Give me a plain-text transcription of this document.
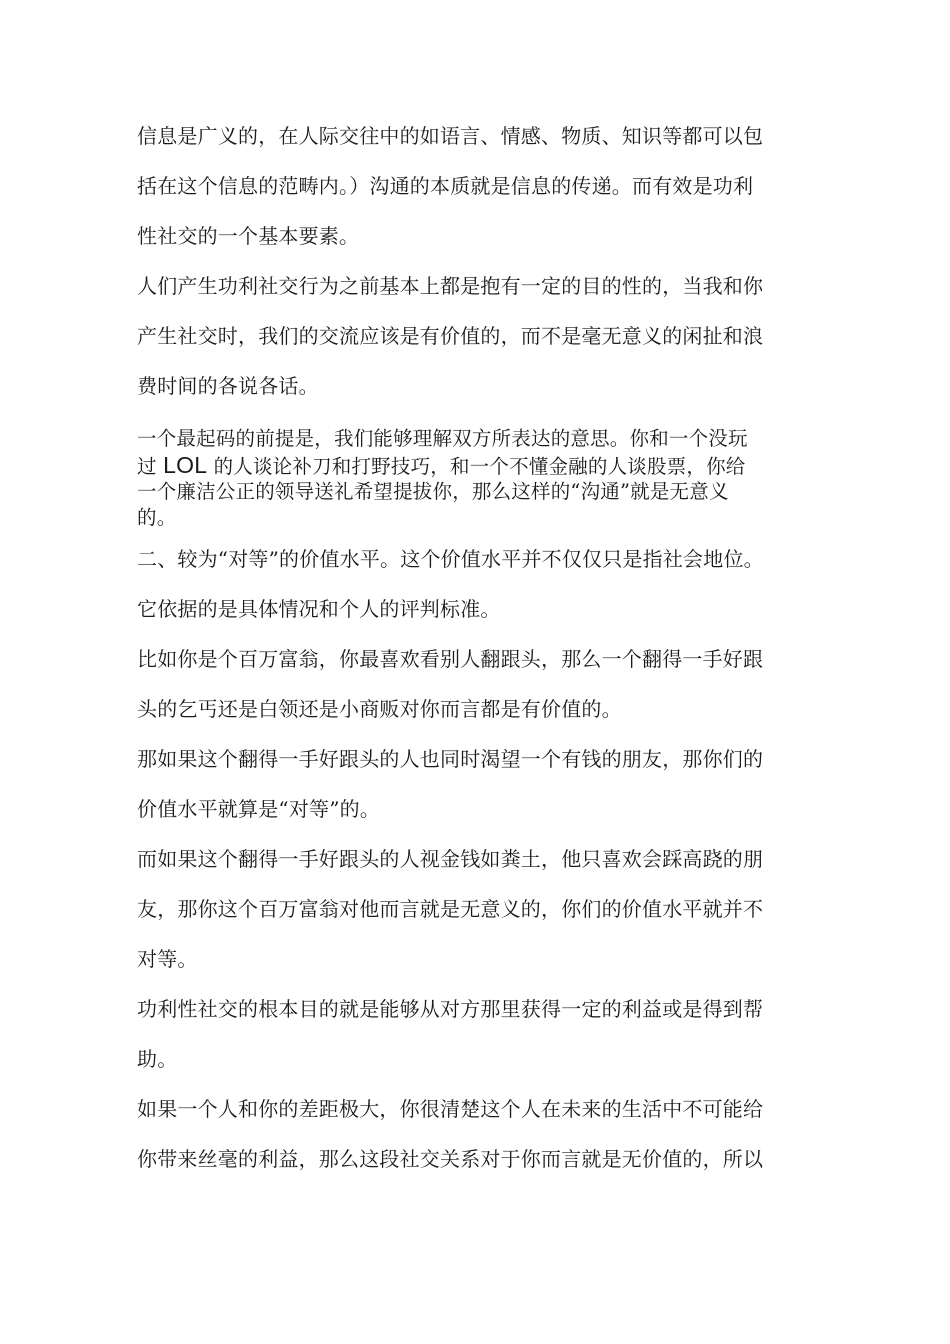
信息是广义的，在人际交往中的如语言、情感、物质、知识等都可以包
括在这个信息的范畴内。）沟通的本质就是信息的传递。而有效是功利
性社交的一个基本要素。
人们产生功利社交行为之前基本上都是抱有一定的目的性的，当我和你
产生社交时，我们的交流应该是有价值的，而不是毫无意义的闲扯和浪
费时间的各说各话。
一个最起码的前提是，我们能够理解双方所表达的意思。你和一个没玩
过 LOL 的人谈论补刀和打野技巧，和一个不懂金融的人谈股票，你给
一个廉洁公正的领导送礼希望提拔你，那么这样的“沟通”就是无意义
的。
二、较为“对等”的价值水平。这个价值水平并不仅仅只是指社会地位。
它依据的是具体情况和个人的评判标准。
比如你是个百万富翁，你最喜欢看别人翻跟头，那么一个翻得一手好跟
头的乞丐还是白领还是小商贩对你而言都是有价值的。
那如果这个翻得一手好跟头的人也同时渴望一个有钱的朋友，那你们的
价值水平就算是“对等”的。
而如果这个翻得一手好跟头的人视金钱如粪土，他只喜欢会踩高跷的朋
友，那你这个百万富翁对他而言就是无意义的，你们的价值水平就并不
对等。
功利性社交的根本目的就是能够从对方那里获得一定的利益或是得到帮
助。
如果一个人和你的差距极大，你很清楚这个人在未来的生活中不可能给
你带来丝毫的利益，那么这段社交关系对于你而言就是无价值的，所以
